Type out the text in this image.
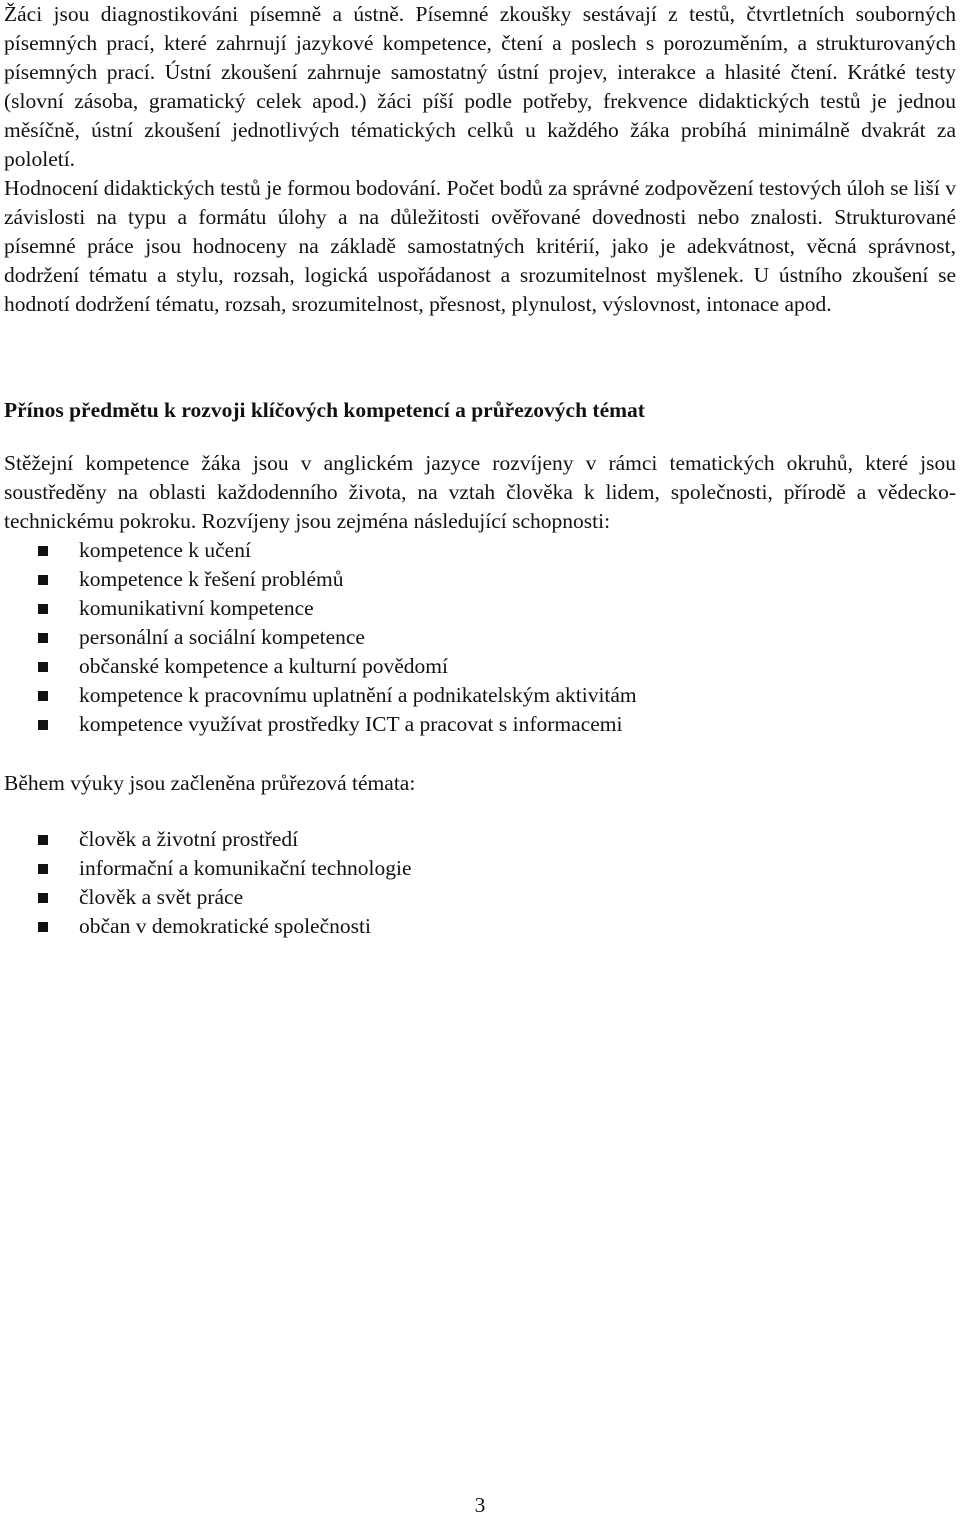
Žáci jsou diagnostikováni písemně a ústně. Písemné zkoušky sestávají z testů, čtvrtletních souborných písemných prací, které zahrnují jazykové kompetence, čtení a poslech s porozuměním, a strukturovaných písemných prací. Ústní zkoušení zahrnuje samostatný ústní projev, interakce a hlasité čtení. Krátké testy (slovní zásoba, gramatický celek apod.) žáci píší podle potřeby, frekvence didaktických testů je jednou měsíčně, ústní zkoušení jednotlivých tématických celků u každého žáka probíhá minimálně dvakrát za pololetí.
Hodnocení didaktických testů je formou bodování. Počet bodů za správné zodpovězení testových úloh se liší v závislosti na typu a formátu úlohy a na důležitosti ověřované dovednosti nebo znalosti. Strukturované písemné práce jsou hodnoceny na základě samostatných kritérií, jako je adekvátnost, věcná správnost, dodržení tématu a stylu, rozsah, logická uspořádanost a srozumitelnost myšlenek. U ústního zkoušení se hodnotí dodržení tématu, rozsah, srozumitelnost, přesnost, plynulost, výslovnost, intonace apod.

Přínos předmětu k rozvoji klíčových kompetencí a průřezových témat

Stěžejní kompetence žáka jsou v anglickém jazyce rozvíjeny v rámci tematických okruhů, které jsou soustředěny na oblasti každodenního života, na vztah člověka k lidem, společnosti, přírodě a vědecko-technickému pokroku. Rozvíjeny jsou zejména následující schopnosti:

kompetence k učení
kompetence k řešení problémů
komunikativní kompetence
personální a sociální kompetence
občanské kompetence a kulturní povědomí
kompetence k pracovnímu uplatnění a podnikatelským aktivitám
kompetence využívat prostředky ICT a pracovat s informacemi

Během výuky jsou začleněna průřezová témata:

člověk a životní prostředí
informační a komunikační technologie
člověk a svět práce
občan v demokratické společnosti
3
